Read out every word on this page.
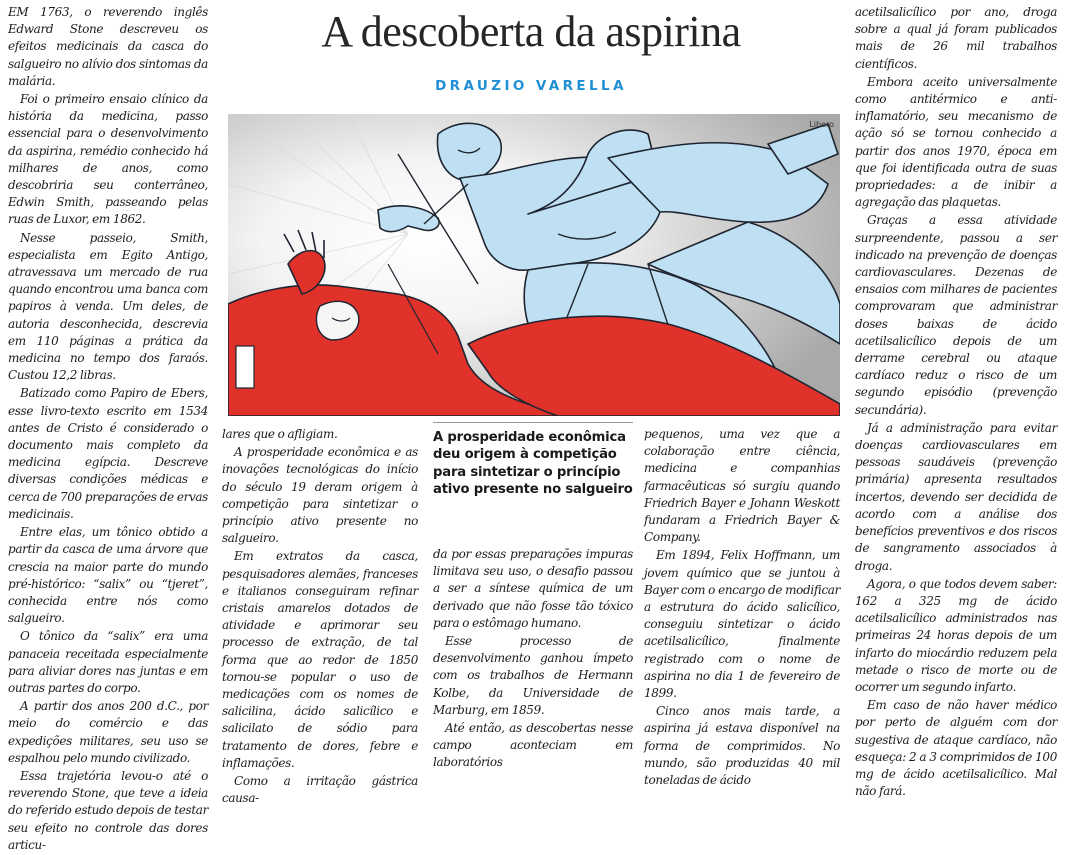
EM 1763, o reverendo inglês Edward Stone descreveu os efeitos medicinais da casca do salgueiro no alívio dos sintomas da malária.

Foi o primeiro ensaio clínico da história da medicina, passo essencial para o desenvolvimento da aspirina, remédio conhecido há milhares de anos, como descobriria seu conterrâneo, Edwin Smith, passeando pelas ruas de Luxor, em 1862.

Nesse passeio, Smith, especialista em Egito Antigo, atravessava um mercado de rua quando encontrou uma banca com papiros à venda. Um deles, de autoria desconhecida, descrevia em 110 páginas a prática da medicina no tempo dos faraós. Custou 12,2 libras.

Batizado como Papiro de Ebers, esse livro-texto escrito em 1534 antes de Cristo é considerado o documento mais completo da medicina egípcia. Descreve diversas condições médicas e cerca de 700 preparações de ervas medicinais.

Entre elas, um tônico obtido a partir da casca de uma árvore que crescia na maior parte do mundo pré-histórico: “salix” ou “tjeret”, conhecida entre nós como salgueiro.

O tônico da “salix” era uma panaceia receitada especialmente para aliviar dores nas juntas e em outras partes do corpo.

A partir dos anos 200 d.C., por meio do comércio e das expedições militares, seu uso se espalhou pelo mundo civilizado.

Essa trajetória levou-o até o reverendo Stone, que teve a ideia do referido estudo depois de testar seu efeito no controle das dores articu-

A descoberta da aspirina
DRAUZIO VARELLA
Libero

lares que o afligiam.

A prosperidade econômica e as inovações tecnológicas do início do século 19 deram origem à competição para sintetizar o princípio ativo presente no salgueiro.

Em extratos da casca, pesquisadores alemães, franceses e italianos conseguiram refinar cristais amarelos dotados de atividade e aprimorar seu processo de extração, de tal forma que ao redor de 1850 tornou-se popular o uso de medicações com os nomes de salicilina, ácido salicílico e salicilato de sódio para tratamento de dores, febre e inflamações.

Como a irritação gástrica causa-

A prosperidade econômica deu origem à competição para sintetizar o princípio ativo presente no salgueiro

da por essas preparações impuras limitava seu uso, o desafio passou a ser a síntese química de um derivado que não fosse tão tóxico para o estômago humano.

Esse processo de desenvolvimento ganhou ímpeto com os trabalhos de Hermann Kolbe, da Universidade de Marburg, em 1859.

Até então, as descobertas nesse campo aconteciam em laboratórios

pequenos, uma vez que a colaboração entre ciência, medicina e companhias farmacêuticas só surgiu quando Friedrich Bayer e Johann Weskott fundaram a Friedrich Bayer & Company.

Em 1894, Felix Hoffmann, um jovem químico que se juntou à Bayer com o encargo de modificar a estrutura do ácido salicílico, conseguiu sintetizar o ácido acetilsalicílico, finalmente registrado com o nome de aspirina no dia 1 de fevereiro de 1899.

Cinco anos mais tarde, a aspirina já estava disponível na forma de comprimidos. No mundo, são produzidas 40 mil toneladas de ácido

acetilsalicílico por ano, droga sobre a qual já foram publicados mais de 26 mil trabalhos científicos.

Embora aceito universalmente como antitérmico e anti-inflamatório, seu mecanismo de ação só se tornou conhecido a partir dos anos 1970, época em que foi identificada outra de suas propriedades: a de inibir a agregação das plaquetas.

Graças a essa atividade surpreendente, passou a ser indicado na prevenção de doenças cardiovasculares. Dezenas de ensaios com milhares de pacientes comprovaram que administrar doses baixas de ácido acetilsalicílico depois de um derrame cerebral ou ataque cardíaco reduz o risco de um segundo episódio (prevenção secundária).

Já a administração para evitar doenças cardiovasculares em pessoas saudáveis (prevenção primária) apresenta resultados incertos, devendo ser decidida de acordo com a análise dos benefícios preventivos e dos riscos de sangramento associados à droga.

Agora, o que todos devem saber: 162 a 325 mg de ácido acetilsalicílico administrados nas primeiras 24 horas depois de um infarto do miocárdio reduzem pela metade o risco de morte ou de ocorrer um segundo infarto.

Em caso de não haver médico por perto de alguém com dor sugestiva de ataque cardíaco, não esqueça: 2 a 3 comprimidos de 100 mg de ácido acetilsalicílico. Mal não fará.
